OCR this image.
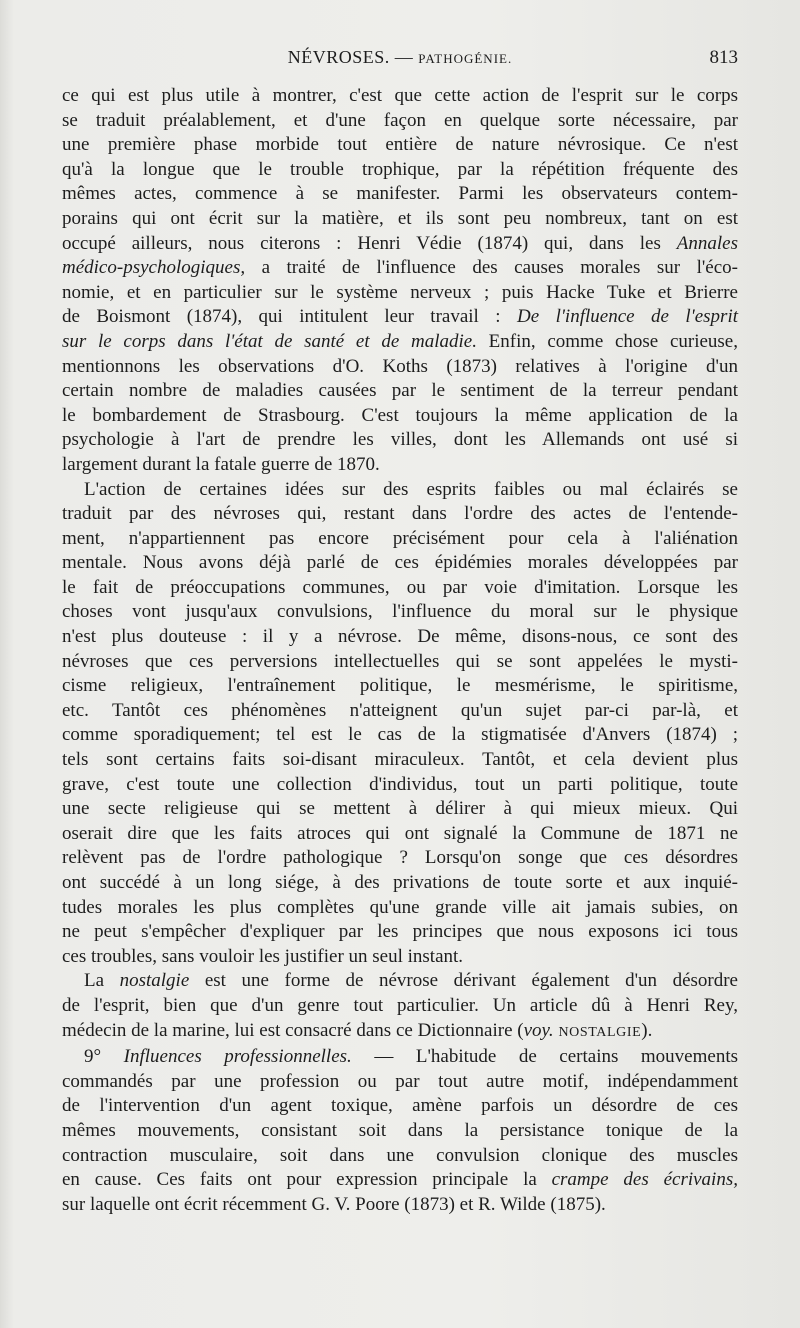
NÉVROSES. — PATHOGÉNIE.	813
ce qui est plus utile à montrer, c'est que cette action de l'esprit sur le corps
se traduit préalablement, et d'une façon en quelque sorte nécessaire, par
une première phase morbide tout entière de nature névrosique. Ce n'est
qu'à la longue que le trouble trophique, par la répétition fréquente des
mêmes actes, commence à se manifester. Parmi les observateurs contem-
porains qui ont écrit sur la matière, et ils sont peu nombreux, tant on est
occupé ailleurs, nous citerons : Henri Védie (1874) qui, dans les Annales
médico-psychologiques, a traité de l'influence des causes morales sur l'éco-
nomie, et en particulier sur le système nerveux ; puis Hacke Tuke et Brierre
de Boismont (1874), qui intitulent leur travail : De l'influence de l'esprit
sur le corps dans l'état de santé et de maladie. Enfin, comme chose curieuse,
mentionnons les observations d'O. Koths (1873) relatives à l'origine d'un
certain nombre de maladies causées par le sentiment de la terreur pendant
le bombardement de Strasbourg. C'est toujours la même application de la
psychologie à l'art de prendre les villes, dont les Allemands ont usé si
largement durant la fatale guerre de 1870.
L'action de certaines idées sur des esprits faibles ou mal éclairés se
traduit par des névroses qui, restant dans l'ordre des actes de l'entende-
ment, n'appartiennent pas encore précisément pour cela à l'aliénation
mentale. Nous avons déjà parlé de ces épidémies morales développées par
le fait de préoccupations communes, ou par voie d'imitation. Lorsque les
choses vont jusqu'aux convulsions, l'influence du moral sur le physique
n'est plus douteuse : il y a névrose. De même, disons-nous, ce sont des
névroses que ces perversions intellectuelles qui se sont appelées le mysti-
cisme religieux, l'entraînement politique, le mesmérisme, le spiritisme,
etc. Tantôt ces phénomènes n'atteignent qu'un sujet par-ci par-là, et
comme sporadiquement; tel est le cas de la stigmatisée d'Anvers (1874) ;
tels sont certains faits soi-disant miraculeux. Tantôt, et cela devient plus
grave, c'est toute une collection d'individus, tout un parti politique, toute
une secte religieuse qui se mettent à délirer à qui mieux mieux. Qui
oserait dire que les faits atroces qui ont signalé la Commune de 1871 ne
relèvent pas de l'ordre pathologique ? Lorsqu'on songe que ces désordres
ont succédé à un long siége, à des privations de toute sorte et aux inquié-
tudes morales les plus complètes qu'une grande ville ait jamais subies, on
ne peut s'empêcher d'expliquer par les principes que nous exposons ici tous
ces troubles, sans vouloir les justifier un seul instant.
La nostalgie est une forme de névrose dérivant également d'un désordre
de l'esprit, bien que d'un genre tout particulier. Un article dû à Henri Rey,
médecin de la marine, lui est consacré dans ce Dictionnaire (voy. NOSTALGIE).
9° Influences professionnelles. — L'habitude de certains mouvements
commandés par une profession ou par tout autre motif, indépendamment
de l'intervention d'un agent toxique, amène parfois un désordre de ces
mêmes mouvements, consistant soit dans la persistance tonique de la
contraction musculaire, soit dans une convulsion clonique des muscles
en cause. Ces faits ont pour expression principale la crampe des écrivains,
sur laquelle ont écrit récemment G. V. Poore (1873) et R. Wilde (1875).
